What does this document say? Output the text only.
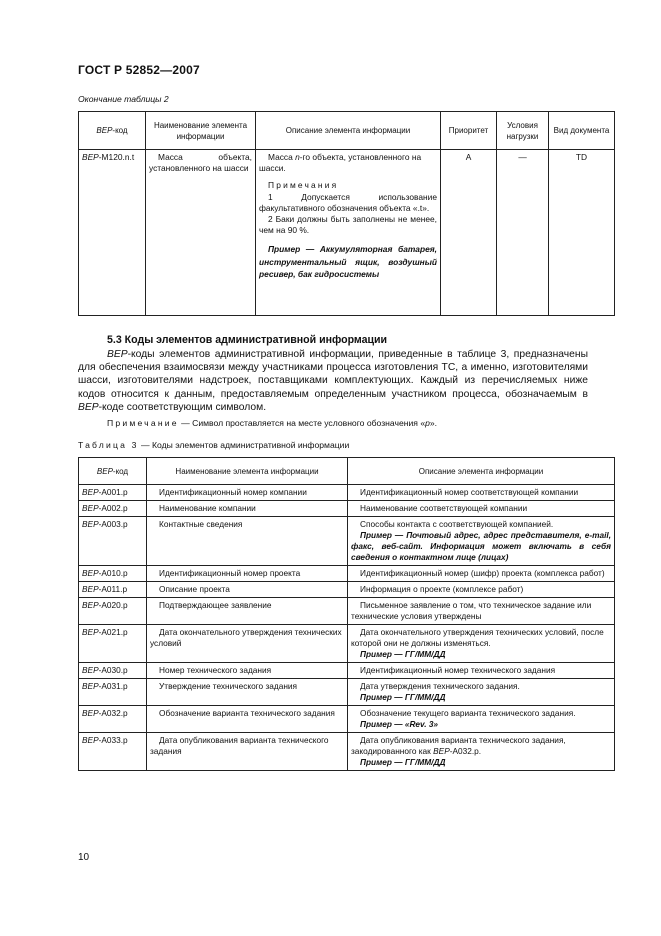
ГОСТ Р 52852—2007
Окончание таблицы 2
BEP-код	Наименование элемента информации	Описание элемента информации	Приоритет	Условия нагрузки	Вид документа
BEP-M120.n.t	Масса объекта, установленного на шасси	Масса n-го объекта, установленного на шасси.
Примечания
1 Допускается использование факультативного обозначения объекта «.t».
2 Баки должны быть заполнены не менее, чем на 90 %.
Пример — Аккумуляторная батарея, инструментальный ящик, воздушный ресивер, бак гидросистемы	A	—	TD
5.3 Коды элементов административной информации
BEP-коды элементов административной информации, приведенные в таблице 3, предназначены для обеспечения взаимосвязи между участниками процесса изготовления ТС, а именно, изготовителями шасси, изготовителями надстроек, поставщиками комплектующих. Каждый из перечисляемых ниже кодов относится к данным, предоставляемым определенным участником процесса, обозначаемым в BEP-коде соответствующим символом.
Примечание — Символ проставляется на месте условного обозначения «p».
Таблица 3 — Коды элементов административной информации
BEP-код	Наименование элемента информации	Описание элемента информации
BEP-A001.p	Идентификационный номер компании	Идентификационный номер соответствующей компании
BEP-A002.p	Наименование компании	Наименование соответствующей компании
BEP-A003.p	Контактные сведения	Способы контакта с соответствующей компанией.
Пример — Почтовый адрес, адрес представителя, e-mail, факс, веб-сайт. Информация может включать в себя сведения о контактном лице (лицах)

BEP-A010.p	Идентификационный номер проекта	Идентификационный номер (шифр) проекта (комплекса работ)
BEP-A011.p	Описание проекта	Информация о проекте (комплексе работ)
BEP-A020.p	Подтверждающее заявление	Письменное заявление о том, что техническое задание или технические условия утверждены
BEP-A021.p	Дата окончательного утверждения технических условий	Дата окончательного утверждения технических условий, после которой они не должны изменяться.
Пример — ГГ/ММ/ДД

BEP-A030.p	Номер технического задания	Идентификационный номер технического задания
BEP-A031.p	Утверждение технического задания	Дата утверждения технического задания.
Пример — ГГ/ММ/ДД

BEP-A032.p	Обозначение варианта технического задания	Обозначение текущего варианта технического задания.
Пример — «Rev. 3»

BEP-A033.p	Дата опубликования варианта технического задания	Дата опубликования варианта технического задания, закодированного как BEP-A032.p.
Пример — ГГ/ММ/ДД
10
